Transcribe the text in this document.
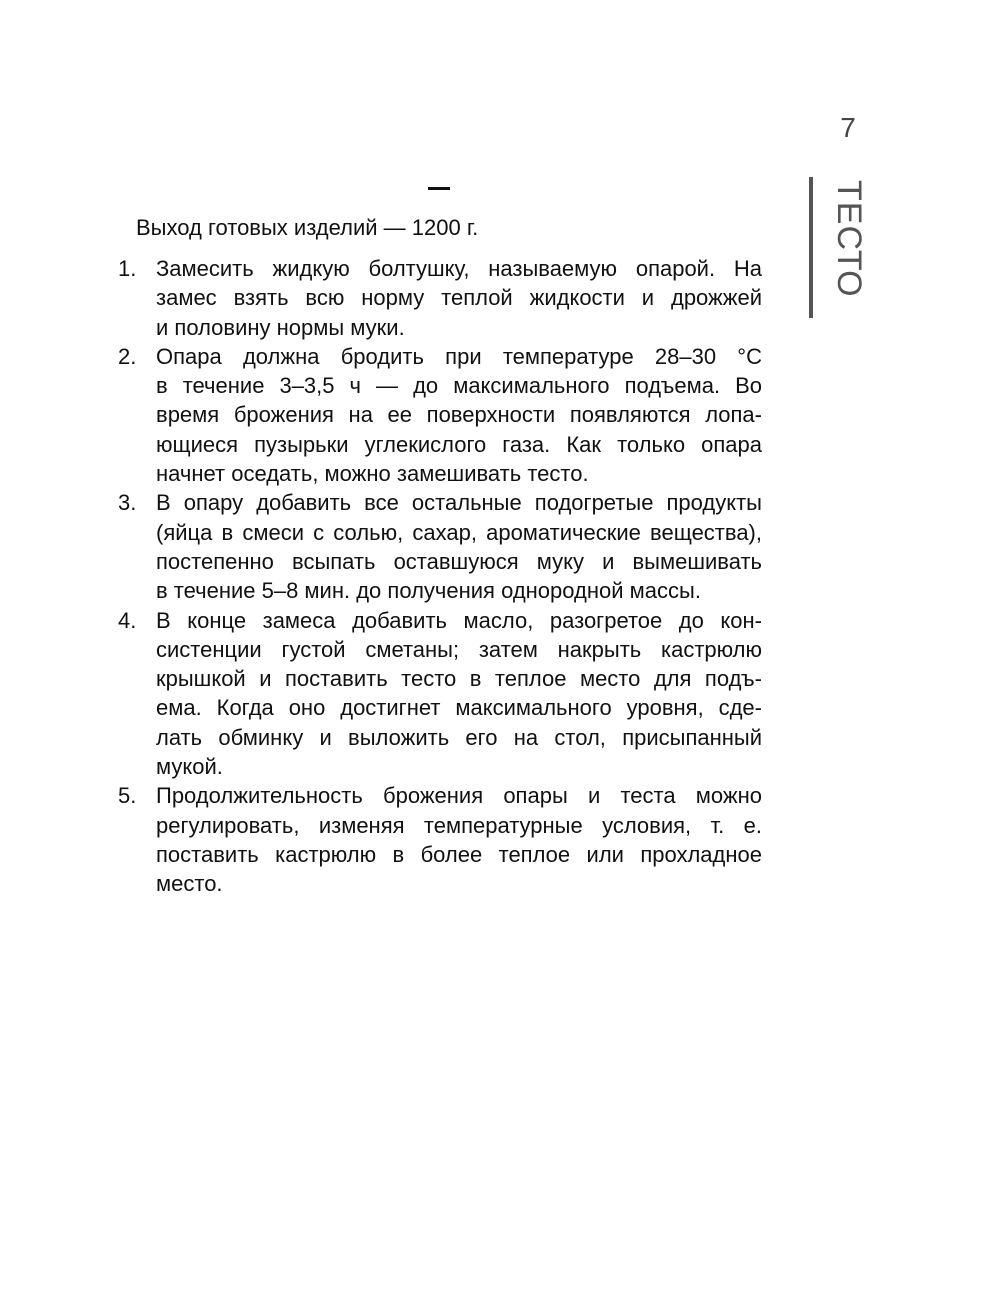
7
ТЕСТО
Выход готовых изделий — 1200 г.
1. Замесить жидкую болтушку, называемую опарой. На
замес взять всю норму теплой жидкости и дрожжей
и половину нормы муки.
2. Опара должна бродить при температуре 28–30 °С
в течение 3–3,5 ч — до максимального подъема. Во
время брожения на ее поверхности появляются лопа-
ющиеся пузырьки углекислого газа. Как только опара
начнет оседать, можно замешивать тесто.
3. В опару добавить все остальные подогретые продукты
(яйца в смеси с солью, сахар, ароматические вещества),
постепенно всыпать оставшуюся муку и вымешивать
в течение 5–8 мин. до получения однородной массы.
4. В конце замеса добавить масло, разогретое до кон-
систенции густой сметаны; затем накрыть кастрюлю
крышкой и поставить тесто в теплое место для подъ-
ема. Когда оно достигнет максимального уровня, сде-
лать обминку и выложить его на стол, присыпанный
мукой.
5. Продолжительность брожения опары и теста можно
регулировать, изменяя температурные условия, т. е.
поставить кастрюлю в более теплое или прохладное
место.
